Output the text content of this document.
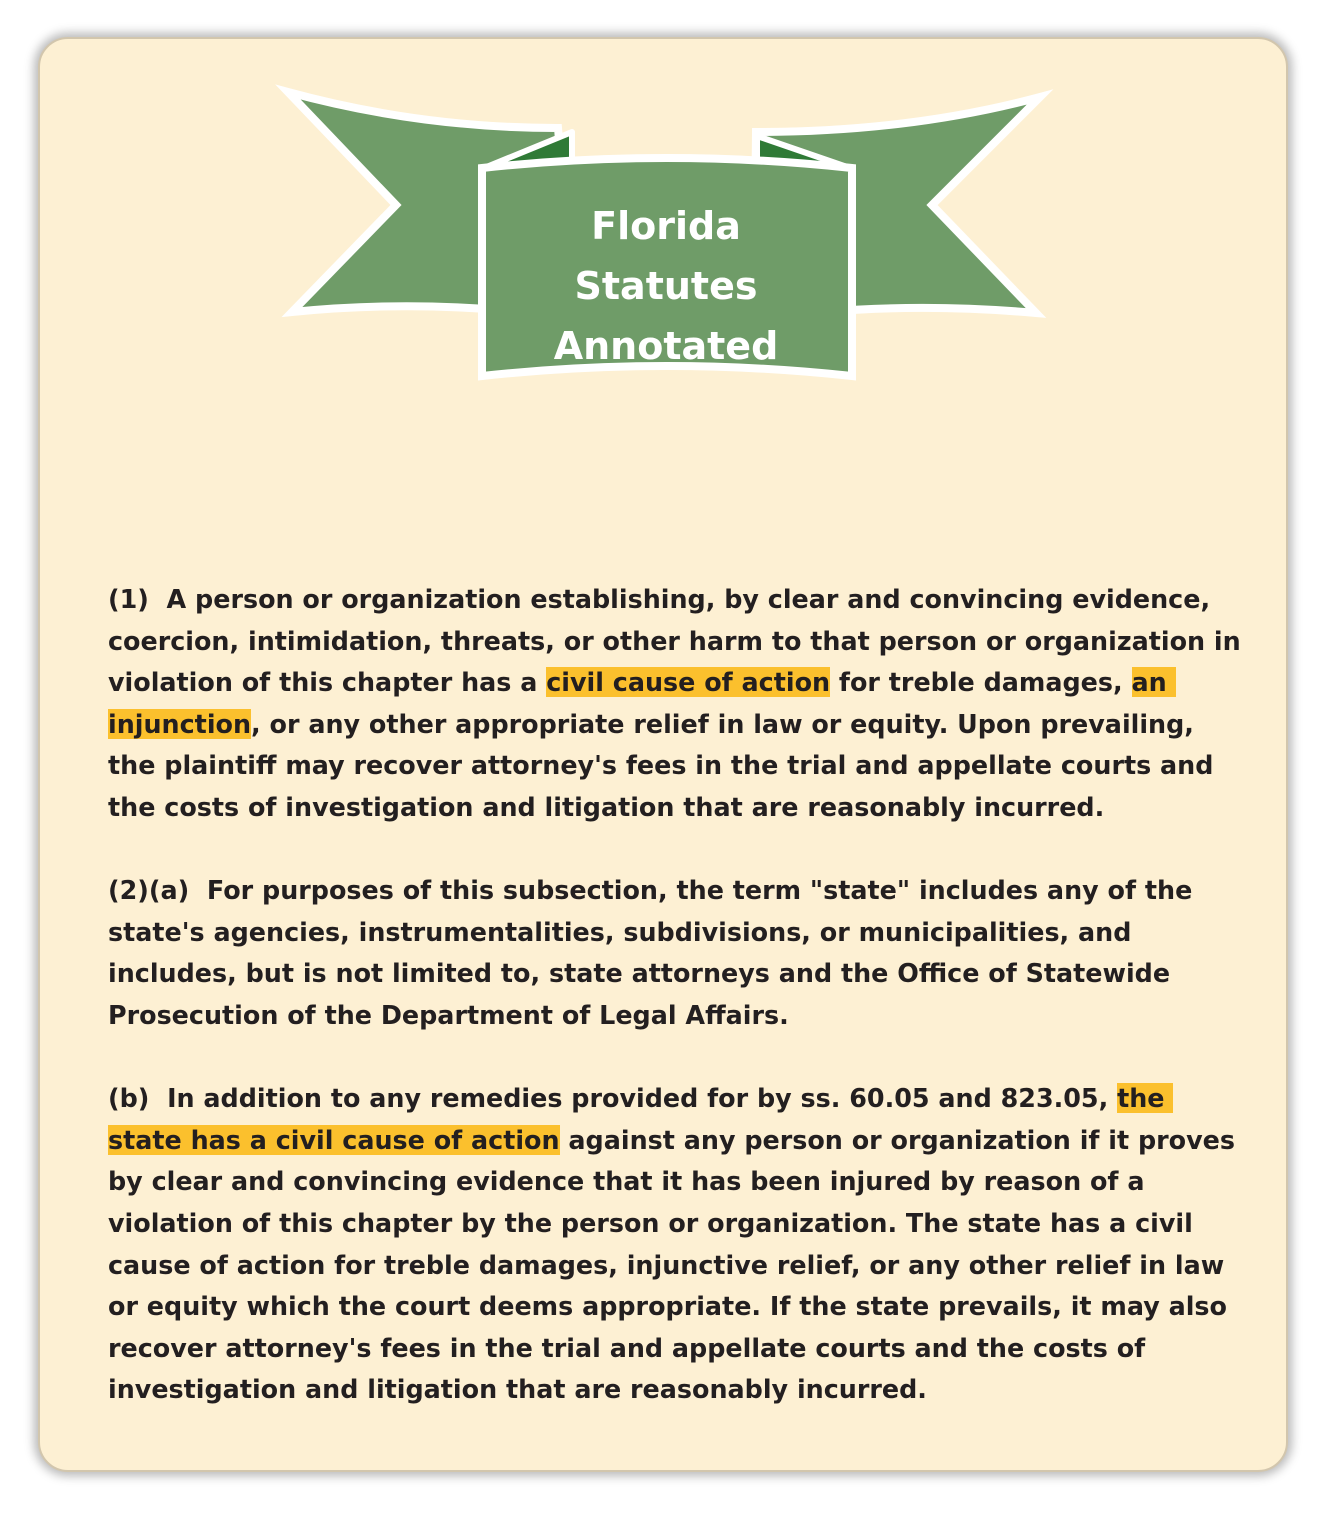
Florida
Statutes
Annotated

(1)  A person or organization establishing, by clear and convincing evidence, coercion, intimidation, threats, or other harm to that person or organization in violation of this chapter has a civil cause of action for treble damages, an injunction, or any other appropriate relief in law or equity. Upon prevailing, the plaintiff may recover attorney's fees in the trial and appellate courts and the costs of investigation and litigation that are reasonably incurred.

(2)(a)  For purposes of this subsection, the term "state" includes any of the state's agencies, instrumentalities, subdivisions, or municipalities, and includes, but is not limited to, state attorneys and the Office of Statewide Prosecution of the Department of Legal Affairs.

(b)  In addition to any remedies provided for by ss. 60.05 and 823.05, the state has a civil cause of action against any person or organization if it proves by clear and convincing evidence that it has been injured by reason of a violation of this chapter by the person or organization. The state has a civil cause of action for treble damages, injunctive relief, or any other relief in law or equity which the court deems appropriate. If the state prevails, it may also recover attorney's fees in the trial and appellate courts and the costs of investigation and litigation that are reasonably incurred.
